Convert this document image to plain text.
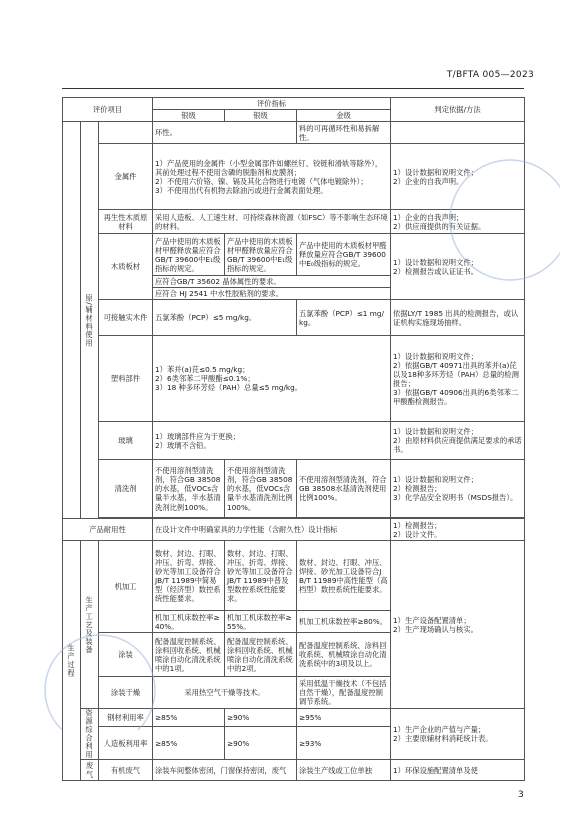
T/BFTA 005—2023
评价项目			评价指标			判定依据/方法
			银级	银级	金级	
	原/辅材料使用		环性。		料的可再循环性和易拆解性。	
		金属件	1）产品使用的金属件（小型金属部件如螺丝钉、铰链和滑轨等除外），其前处理过程不使用含磷的脱脂剂和皮膜剂；
2）不使用六价铬、镍、镉及其化合物进行电镀（气体电镀除外）；
3）不使用出代有机物去除油污或进行金属表面处理。			1）设计数据和说明文件；
2）企业的自我声明。
		再生性木质原材料	采用人造板、人工速生材、可持续森林资源（如FSC）等不影响生态环境的材料。			1）企业的自我声明；
2）供应商提供的有关证据。
		木质板材	产品中使用的木质板材甲醛释放量应符合GB/T 39600中E₁级指标的规定。	产品中使用的木质板材甲醛释放量应符合GB/T 39600中E₁级指标的规定。	产品中使用的木质板材甲醛释放量应符合GB/T 39600中E₀级指标的规定。	1）设计数据和说明文件；
2）检测报告或认证证书。
			应符合GB/T 35602 晶体属性的要求。			
			应符合 HJ 2541 中水性胶粘剂的要求。			
		可接触实木件	五氯苯酚（PCP）≤5 mg/kg。		五氯苯酚（PCP）≤1 mg/kg。	依据LY/T 1985 出具的检测报告，或认证机构实施现场抽样。
		塑料部件	1）苯并(a)芘≤0.5 mg/kg；
2）6类邻苯二甲酸酯≤0.1%；
3）18 种多环芳烃（PAH）总量≤5 mg/kg。			1）设计数据和说明文件；
2）依据GB/T 40971出具的苯并(a)芘以及18种多环芳烃（PAH）总量的检测报告；
3）依据GB/T 40906出具的6类邻苯二甲酸酯检测报告。
		玻璃	1）玻璃部件应为于更换；
2）玻璃不含铅。			1）设计数据和说明文件；
2）由原材料供应商提供满足要求的承诺书。
		清洗剂	不使用溶剂型清洗剂，符合GB 38508的水基，低VOCs含量半水基，半水基清洗剂比例100%。	不使用溶剂型清洗剂，符合GB 38508的水基，低VOCs含量半水基清洗剂比例100%。	不使用溶剂型清洗剂，符合GB 38508水基清洗剂使用比例100%。	1）设计数据和说明文件；
2）检测报告；
3）化学品安全说明书（MSDS报告）。

产品耐用性			在设计文件中明确家具的力学性能（含耐久性）设计指标			1）检测报告；
2）设计文件。
生产过程	生产工艺及装备	机加工	数材、封边、打眼、冲压、折弯、焊接、砂光等加工设备符合JB/T 11989中简易型（经济型）数控系统性能要求。	数材、封边、打眼、冲压、折弯、焊接、砂光等加工设备符合JB/T 11989中普及型数控系统性能要求。	数材、封边、打眼、冲压、焊接、砂光加工设备符合JB/T 11989中高性能型（高档型）数控系统性能要求。	1）生产设备配置清单；
2）生产现场确认与核实。
			机加工机床数控率≥40%。	机加工机床数控率≥55%。	机加工机床数控率≥80%。	
		涂装	配备温度控制系统、涂料回收系统、机械喷涂自动化清洗系统中的1项。	配备温度控制系统、涂料回收系统、机械喷涂自动化清洗系统中的2项。	配备温度控制系统、涂料回收系统、机械喷涂自动化清洗系统中的3项及以上。	
		涂装干燥	采用热空气干燥等技术。		采用低温干燥技术（不包括自然干燥），配备温度控制调节系统。	
	资源综合利用	钢材利用率	≥85%	≥90%	≥95%	1）生产企业的产值与产量；
2）主要原辅材料消耗统计表。
		人造板利用率	≥85%	≥90%	≥93%	
	废气	有机废气	涂装车间整体密闭，门窗保持密闭，废气		涂装生产线或工位单独	1）环保设施配置清单及使
3
